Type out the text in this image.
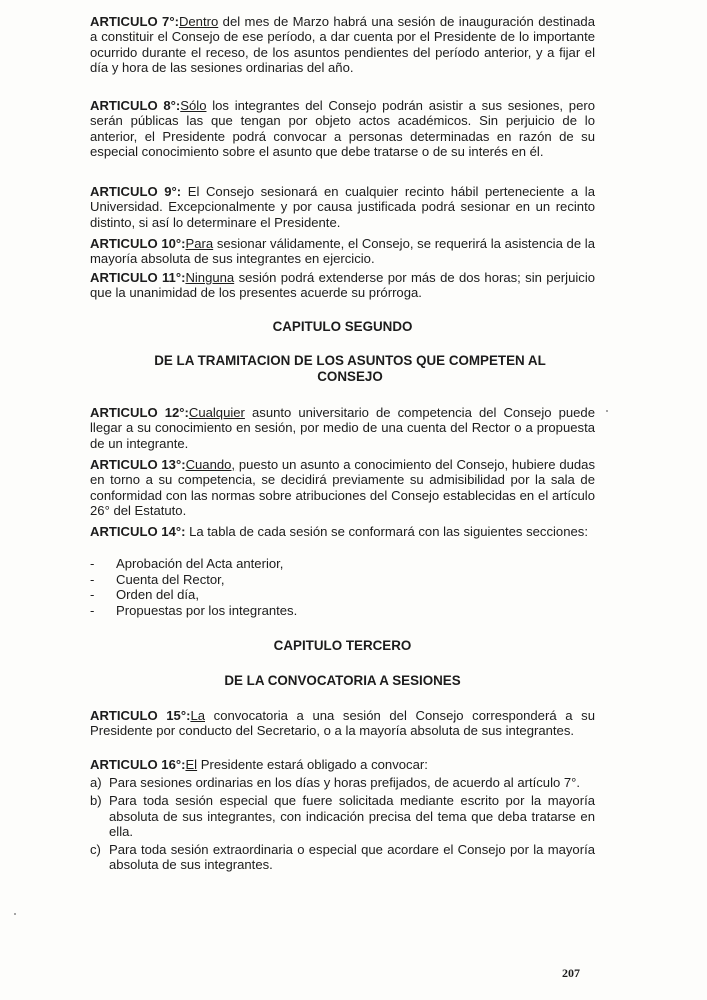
ARTICULO 7°:Dentro del mes de Marzo habrá una sesión de inauguración destinada a constituir el Consejo de ese período, a dar cuenta por el Presidente de lo importante ocurrido durante el receso, de los asuntos pendientes del período anterior, y a fijar el día y hora de las sesiones ordinarias del año.
ARTICULO 8°:Sólo los integrantes del Consejo podrán asistir a sus sesiones, pero serán públicas las que tengan por objeto actos académicos. Sin perjuicio de lo anterior, el Presidente podrá convocar a personas determinadas en razón de su especial conocimiento sobre el asunto que debe tratarse o de su interés en él.
ARTICULO 9°: El Consejo sesionará en cualquier recinto hábil perteneciente a la Universidad. Excepcionalmente y por causa justificada podrá sesionar en un recinto distinto, si así lo determinare el Presidente.
ARTICULO 10°:Para sesionar válidamente, el Consejo, se requerirá la asistencia de la mayoría absoluta de sus integrantes en ejercicio.
ARTICULO 11°:Ninguna sesión podrá extenderse por más de dos horas; sin perjuicio que la unanimidad de los presentes acuerde su prórroga.
CAPITULO SEGUNDO
DE LA TRAMITACION DE LOS ASUNTOS QUE COMPETEN AL CONSEJO
ARTICULO 12°:Cualquier asunto universitario de competencia del Consejo puede llegar a su conocimiento en sesión, por medio de una cuenta del Rector o a propuesta de un integrante.
ARTICULO 13°:Cuando, puesto un asunto a conocimiento del Consejo, hubiere dudas en torno a su competencia, se decidirá previamente su admisibilidad por la sala de conformidad con las normas sobre atribuciones del Consejo establecidas en el artículo 26° del Estatuto.
ARTICULO 14°: La tabla de cada sesión se conformará con las siguientes secciones:
-	Aprobación del Acta anterior,
-	Cuenta del Rector,
-	Orden del día,
-	Propuestas por los integrantes.
CAPITULO TERCERO
DE LA CONVOCATORIA A SESIONES
ARTICULO 15°:La convocatoria a una sesión del Consejo corresponderá a su Presidente por conducto del Secretario, o a la mayoría absoluta de sus integrantes.
ARTICULO 16°:El Presidente estará obligado a convocar:
a) Para sesiones ordinarias en los días y horas prefijados, de acuerdo al artículo 7°.
b) Para toda sesión especial que fuere solicitada mediante escrito por la mayoría absoluta de sus integrantes, con indicación precisa del tema que deba tratarse en ella.
c) Para toda sesión extraordinaria o especial que acordare el Consejo por la mayoría absoluta de sus integrantes.
207
